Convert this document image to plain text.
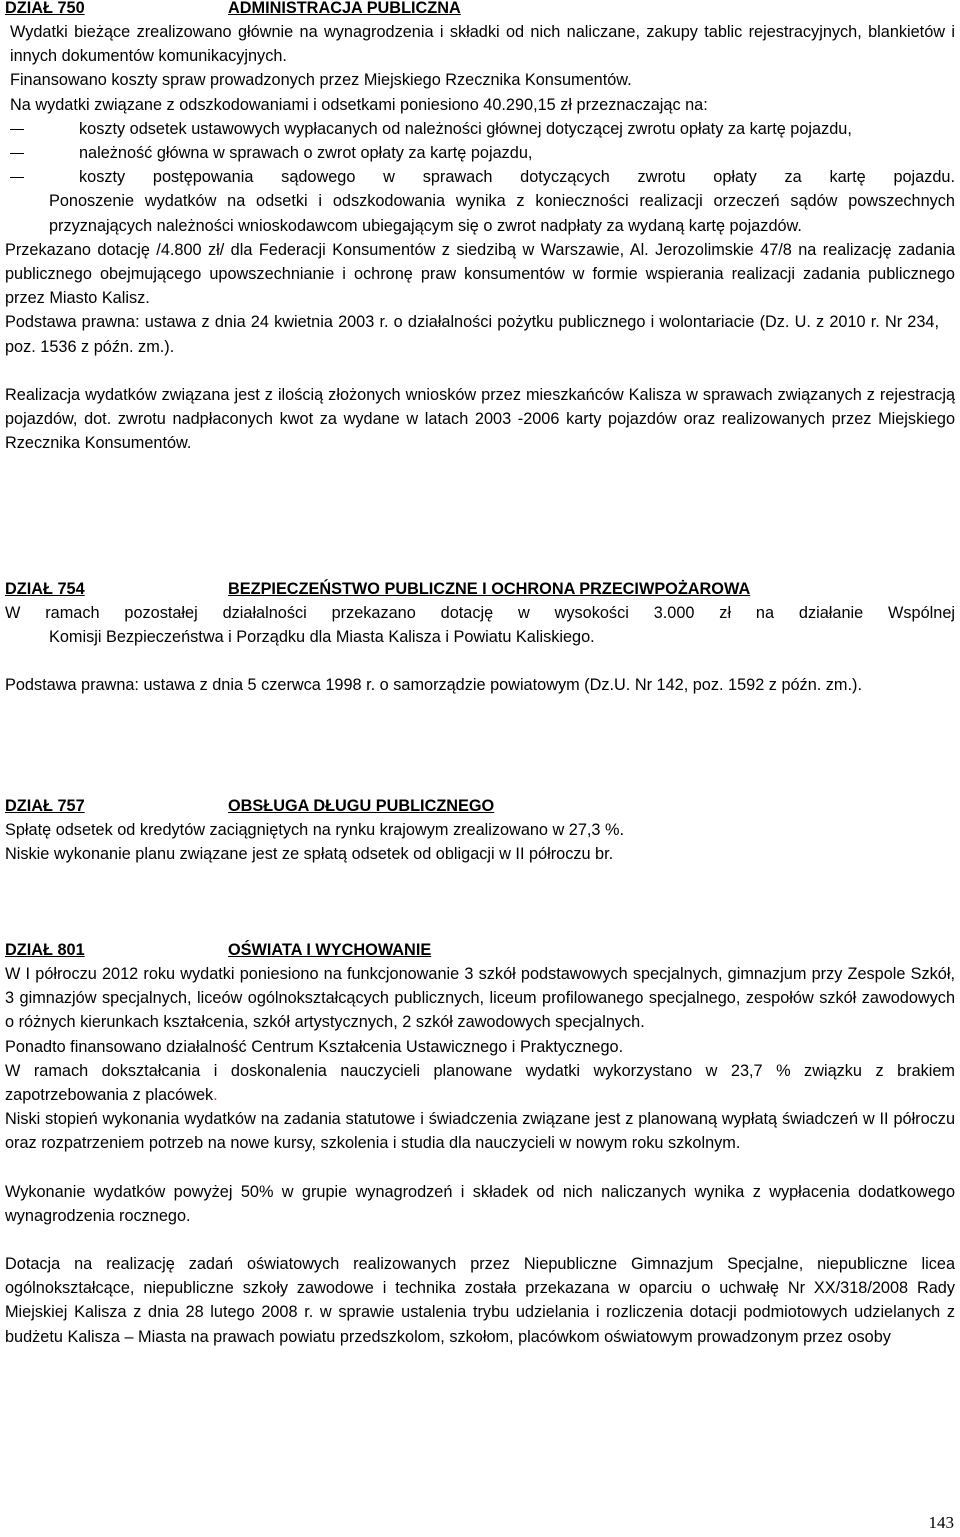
DZIAŁ 750	ADMINISTRACJA PUBLICZNA

Wydatki bieżące zrealizowano głównie na wynagrodzenia i składki od nich naliczane, zakupy tablic rejestracyjnych, blankietów i innych dokumentów komunikacyjnych.

Finansowano koszty spraw prowadzonych przez Miejskiego Rzecznika Konsumentów.

Na wydatki związane z odszkodowaniami i odsetkami poniesiono 40.290,15 zł przeznaczając na:

koszty odsetek ustawowych wypłacanych od należności głównej dotyczącej zwrotu opłaty za kartę pojazdu,
należność główna w sprawach o zwrot opłaty za kartę pojazdu,
koszty postępowania sądowego w sprawach dotyczących zwrotu opłaty za kartę pojazdu.

Ponoszenie wydatków na odsetki i odszkodowania wynika z konieczności realizacji orzeczeń sądów powszechnych przyznających należności wnioskodawcom ubiegającym się o zwrot nadpłaty za wydaną kartę pojazdów.

Przekazano dotację /4.800 zł/ dla Federacji Konsumentów z siedzibą w Warszawie, Al. Jerozolimskie 47/8 na realizację zadania publicznego obejmującego upowszechnianie i ochronę praw konsumentów w formie wspierania realizacji zadania publicznego przez Miasto Kalisz.

Podstawa prawna: ustawa z dnia 24 kwietnia 2003 r. o działalności pożytku publicznego i wolontariacie (Dz. U. z 2010 r. Nr 234, poz. 1536 z późn. zm.).

Realizacja wydatków związana jest z ilością złożonych wniosków przez mieszkańców Kalisza w sprawach związanych z rejestracją pojazdów, dot. zwrotu nadpłaconych kwot za wydane w latach 2003 -2006 karty pojazdów oraz realizowanych przez Miejskiego Rzecznika Konsumentów.

DZIAŁ 754	BEZPIECZEŃSTWO PUBLICZNE I OCHRONA PRZECIWPOŻAROWA

W ramach pozostałej działalności przekazano dotację w wysokości 3.000 zł na działanie Wspólnej

Komisji Bezpieczeństwa i Porządku dla Miasta Kalisza i Powiatu Kaliskiego.

Podstawa prawna: ustawa z dnia 5 czerwca 1998 r. o samorządzie powiatowym (Dz.U. Nr 142, poz. 1592 z późn. zm.).

DZIAŁ 757	OBSŁUGA DŁUGU PUBLICZNEGO

Spłatę odsetek od kredytów zaciągniętych na rynku krajowym zrealizowano w 27,3 %.

Niskie wykonanie planu związane jest ze spłatą odsetek od obligacji w II półroczu br.

DZIAŁ 801	OŚWIATA I WYCHOWANIE

W I półroczu 2012 roku wydatki poniesiono na funkcjonowanie 3 szkół podstawowych specjalnych, gimnazjum przy Zespole Szkół, 3 gimnazjów specjalnych, liceów ogólnokształcących publicznych, liceum profilowanego specjalnego, zespołów szkół zawodowych o różnych kierunkach kształcenia, szkół artystycznych, 2 szkół zawodowych specjalnych.

Ponadto finansowano działalność Centrum Kształcenia Ustawicznego i Praktycznego.

W ramach dokształcania i doskonalenia nauczycieli planowane wydatki wykorzystano w 23,7 % związku z brakiem zapotrzebowania z placówek.

Niski stopień wykonania wydatków na zadania statutowe i świadczenia związane jest z planowaną wypłatą świadczeń w II półroczu oraz rozpatrzeniem potrzeb na nowe kursy, szkolenia i studia dla nauczycieli w nowym roku szkolnym.

Wykonanie wydatków powyżej 50% w grupie wynagrodzeń i składek od nich naliczanych wynika z wypłacenia dodatkowego wynagrodzenia rocznego.

Dotacja na realizację zadań oświatowych realizowanych przez Niepubliczne Gimnazjum Specjalne, niepubliczne licea ogólnokształcące, niepubliczne szkoły zawodowe i technika została przekazana w oparciu o uchwałę Nr XX/318/2008 Rady Miejskiej Kalisza z dnia 28 lutego 2008 r. w sprawie ustalenia trybu udzielania i rozliczenia dotacji podmiotowych udzielanych z budżetu Kalisza – Miasta na prawach powiatu przedszkolom, szkołom, placówkom oświatowym prowadzonym przez osoby

143
